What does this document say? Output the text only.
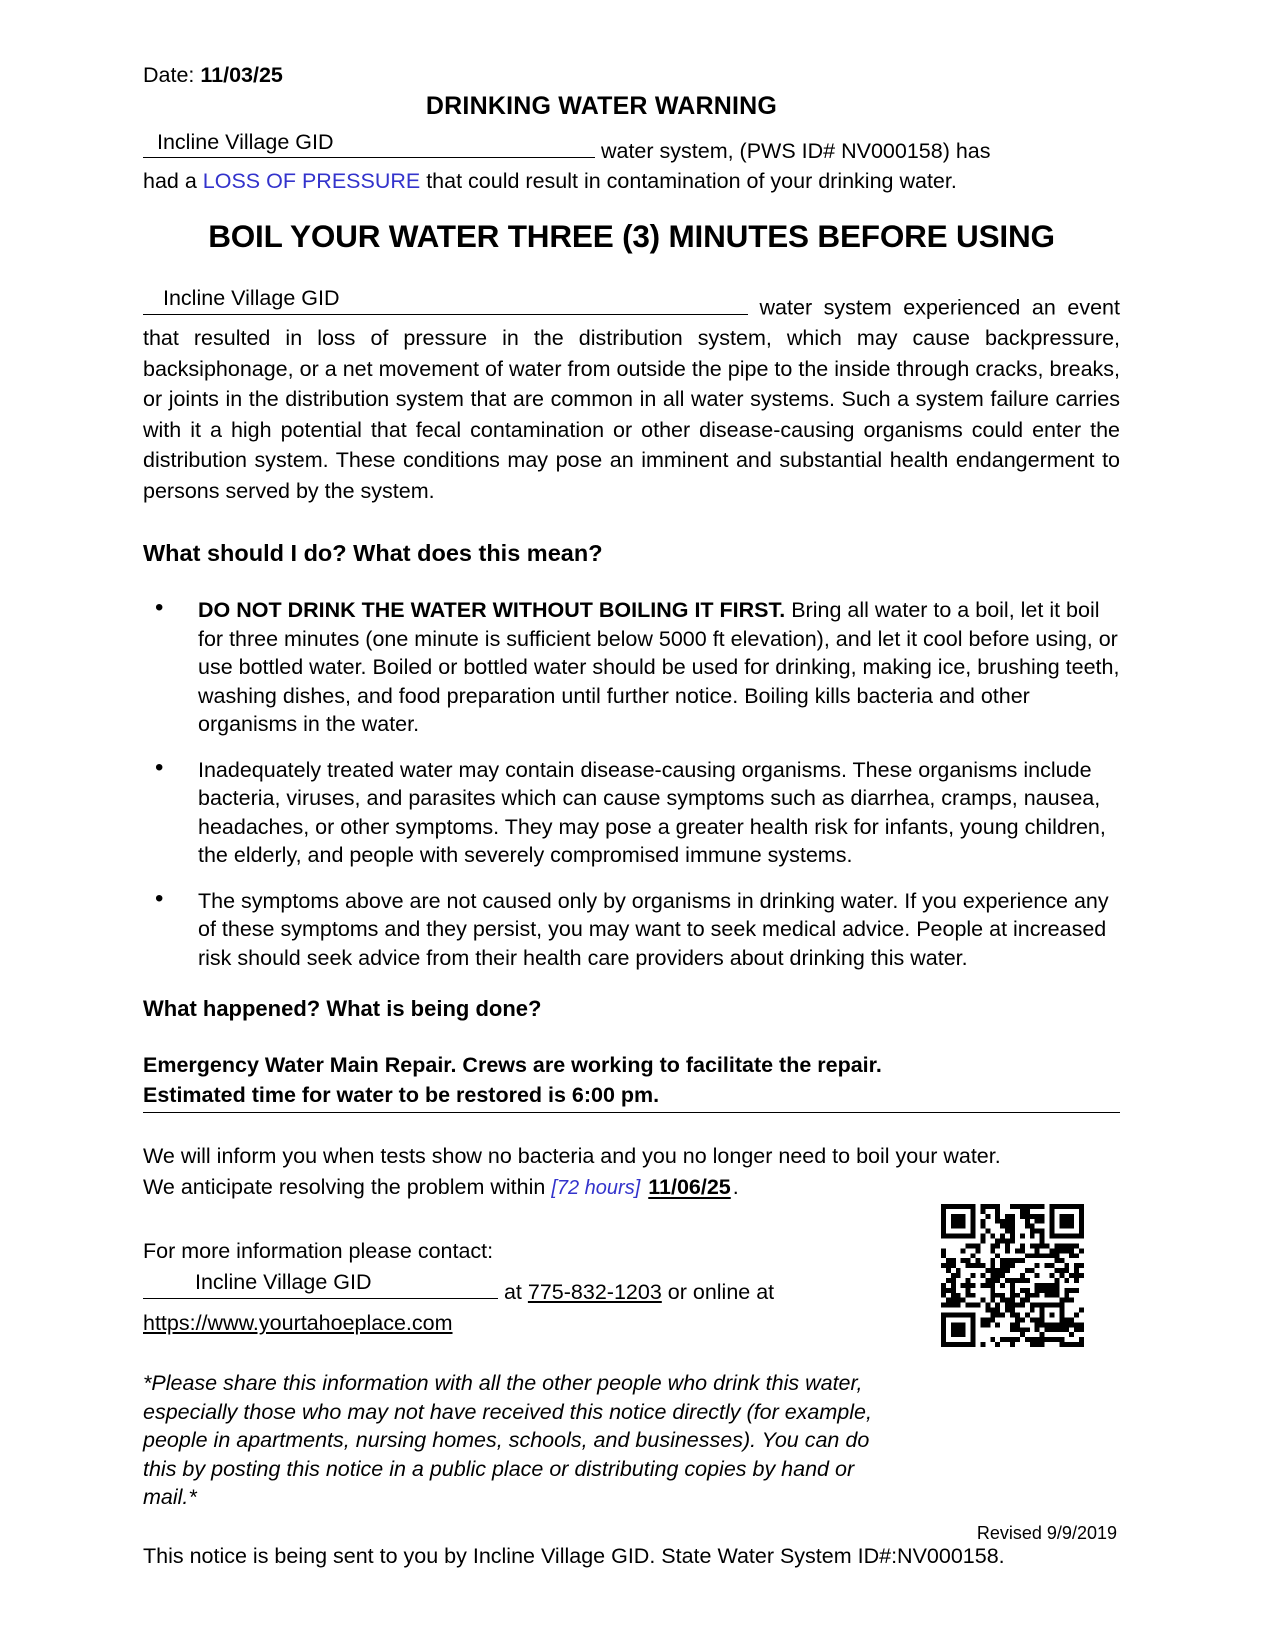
Date: 11/03/25
DRINKING WATER WARNING
Incline Village GID	water system, (PWS ID# NV000158) has
had a LOSS OF PRESSURE that could result in contamination of your drinking water.
BOIL YOUR WATER THREE (3) MINUTES BEFORE USING
Incline Village GID	water system experienced an event that resulted in loss of pressure in the distribution system, which may cause backpressure, backsiphonage, or a net movement of water from outside the pipe to the inside through cracks, breaks, or joints in the distribution system that are common in all water systems. Such a system failure carries with it a high potential that fecal contamination or other disease-causing organisms could enter the distribution system. These conditions may pose an imminent and substantial health endangerment to persons served by the system.
What should I do? What does this mean?
• DO NOT DRINK THE WATER WITHOUT BOILING IT FIRST. Bring all water to a boil, let it boil for three minutes (one minute is sufficient below 5000 ft elevation), and let it cool before using, or use bottled water. Boiled or bottled water should be used for drinking, making ice, brushing teeth, washing dishes, and food preparation until further notice. Boiling kills bacteria and other organisms in the water.
• Inadequately treated water may contain disease-causing organisms. These organisms include bacteria, viruses, and parasites which can cause symptoms such as diarrhea, cramps, nausea, headaches, or other symptoms. They may pose a greater health risk for infants, young children, the elderly, and people with severely compromised immune systems.
• The symptoms above are not caused only by organisms in drinking water. If you experience any of these symptoms and they persist, you may want to seek medical advice. People at increased risk should seek advice from their health care providers about drinking this water.
What happened? What is being done?
Emergency Water Main Repair. Crews are working to facilitate the repair.
Estimated time for water to be restored is 6:00 pm.
We will inform you when tests show no bacteria and you no longer need to boil your water.
We anticipate resolving the problem within [72 hours] 11/06/25.
For more information please contact:
Incline Village GID	at 775-832-1203 or online at
https://www.yourtahoeplace.com
*Please share this information with all the other people who drink this water, especially those who may not have received this notice directly (for example, people in apartments, nursing homes, schools, and businesses). You can do this by posting this notice in a public place or distributing copies by hand or mail.*
This notice is being sent to you by Incline Village GID. State Water System ID#:NV000158.
Revised 9/9/2019
